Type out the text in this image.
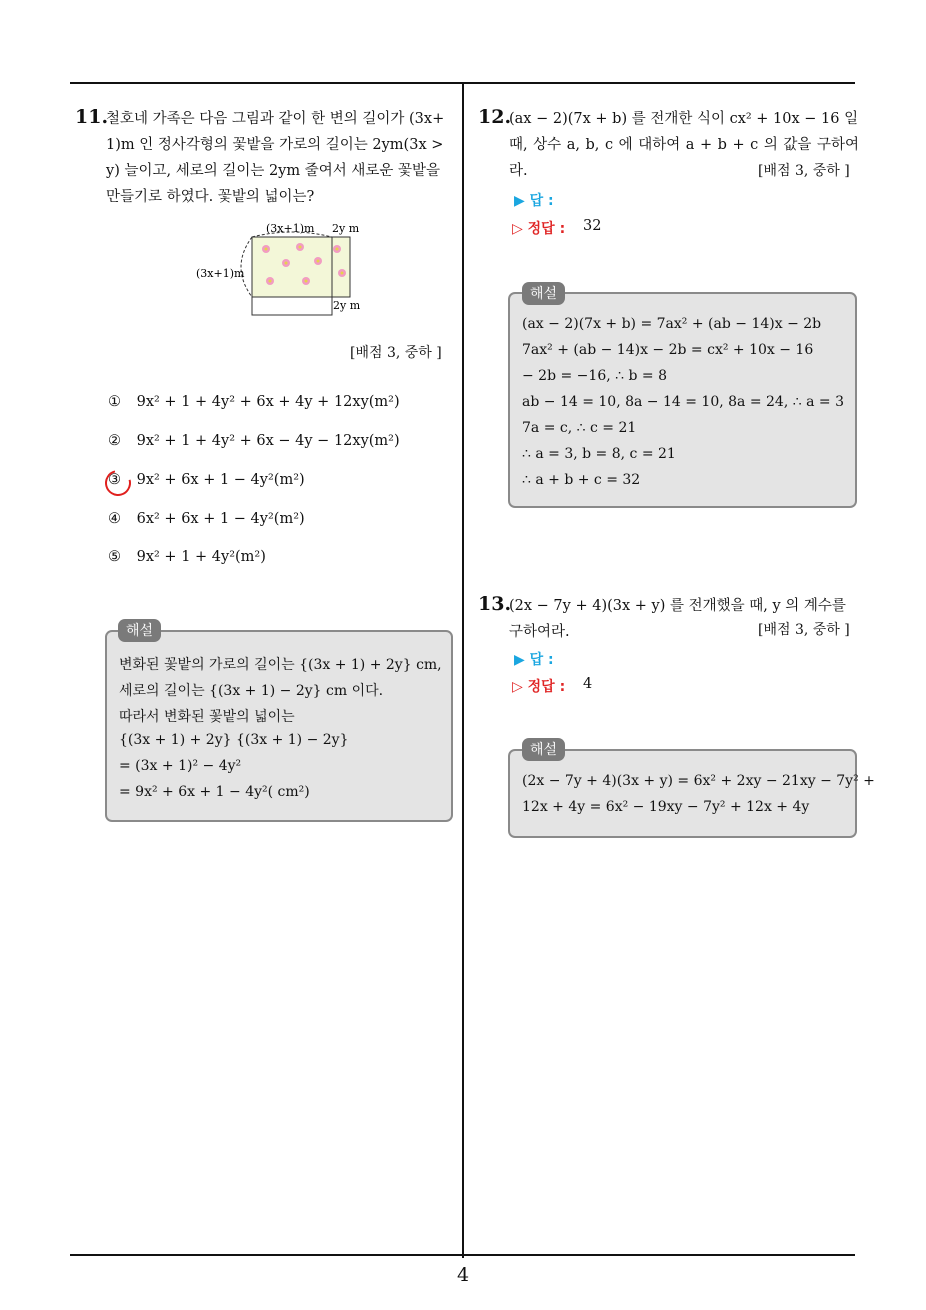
11.
철호네 가족은 다음 그림과 같이 한 변의 길이가 (3x+
1)m 인 정사각형의 꽃밭을 가로의 길이는 2ym(3x >
y) 늘이고, 세로의 길이는 2ym 줄여서 새로운 꽃밭을
만들기로 하였다. 꽃밭의 넓이는?
(3x+1)m 2y m
(3x+1)m
2y m
[배점 3, 중하 ]
① 9x² + 1 + 4y² + 6x + 4y + 12xy(m²)
② 9x² + 1 + 4y² + 6x − 4y − 12xy(m²)
③ 9x² + 6x + 1 − 4y²(m²)
④ 6x² + 6x + 1 − 4y²(m²)
⑤ 9x² + 1 + 4y²(m²)
변화된 꽃밭의 가로의 길이는 {(3x + 1) + 2y} cm,
세로의 길이는 {(3x + 1) − 2y} cm 이다.
따라서 변화된 꽃밭의 넓이는
{(3x + 1) + 2y} {(3x + 1) − 2y}
= (3x + 1)² − 4y²
= 9x² + 6x + 1 − 4y²( cm²)
해설
12.
(ax − 2)(7x + b) 를 전개한 식이 cx² + 10x − 16 일
때, 상수 a, b, c 에 대하여 a + b + c 의 값을 구하여라.	[배점 3, 중하 ]
▶ 답 :
▷ 정답 : 32
(ax − 2)(7x + b) = 7ax² + (ab − 14)x − 2b
7ax² + (ab − 14)x − 2b = cx² + 10x − 16
− 2b = −16, ∴ b = 8
ab − 14 = 10, 8a − 14 = 10, 8a = 24, ∴ a = 3
7a = c, ∴ c = 21
∴ a = 3, b = 8, c = 21
∴ a + b + c = 32
해설
13.
(2x − 7y + 4)(3x + y) 를 전개했을 때, y 의 계수를
구하여라.	[배점 3, 중하 ]
▶ 답 :
▷ 정답 : 4
(2x − 7y + 4)(3x + y) = 6x² + 2xy − 21xy − 7y² +
12x + 4y = 6x² − 19xy − 7y² + 12x + 4y
해설
4
